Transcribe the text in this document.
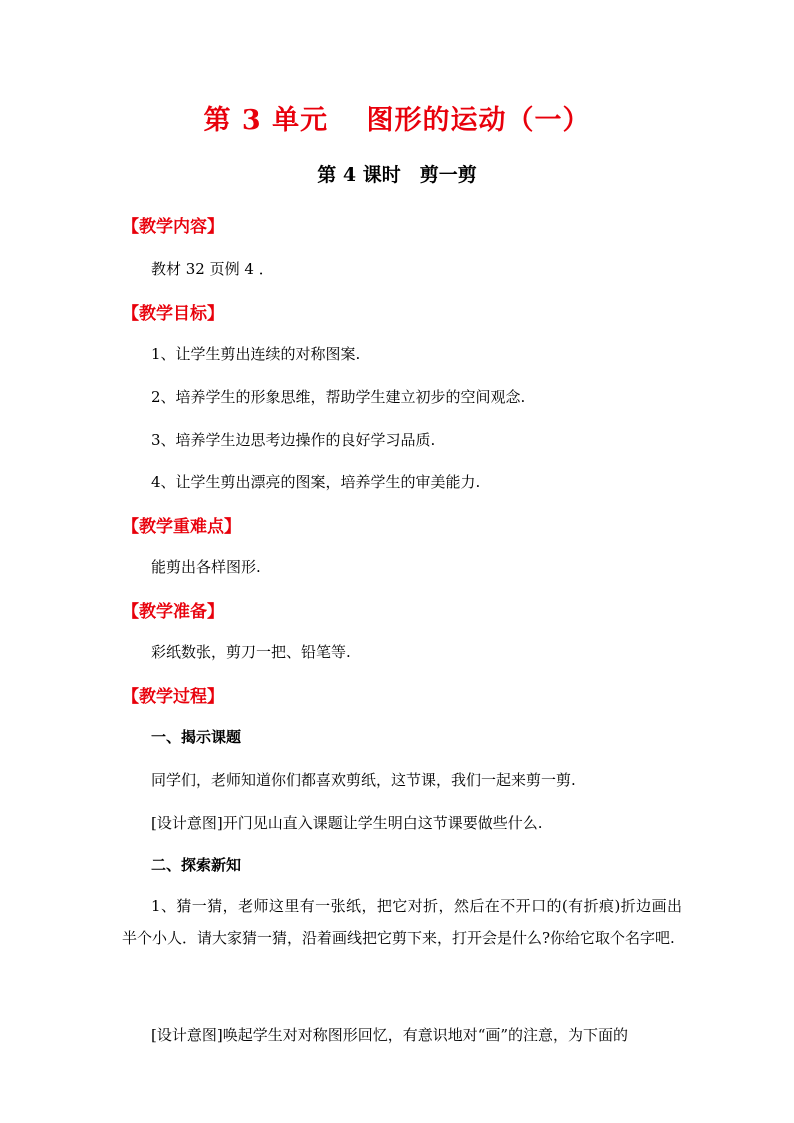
第 3 单元　 图形的运动（一）
第 4 课时　剪一剪
【教学内容】
教材 32 页例 4 ．
【教学目标】
1、让学生剪出连续的对称图案.
2、培养学生的形象思维，帮助学生建立初步的空间观念.
3、培养学生边思考边操作的良好学习品质.
4、让学生剪出漂亮的图案，培养学生的审美能力.
【教学重难点】
能剪出各样图形.
【教学准备】
彩纸数张，剪刀一把、铅笔等.
【教学过程】
一、揭示课题
同学们，老师知道你们都喜欢剪纸，这节课，我们一起来剪一剪.
[设计意图]开门见山直入课题让学生明白这节课要做些什么.
二、探索新知
1、猜一猜，老师这里有一张纸，把它对折，然后在不开口的(有折痕)折边画出半个小人．请大家猜一猜，沿着画线把它剪下来，打开会是什么?你给它取个名字吧.
[设计意图]唤起学生对对称图形回忆，有意识地对“画”的注意，为下面的
